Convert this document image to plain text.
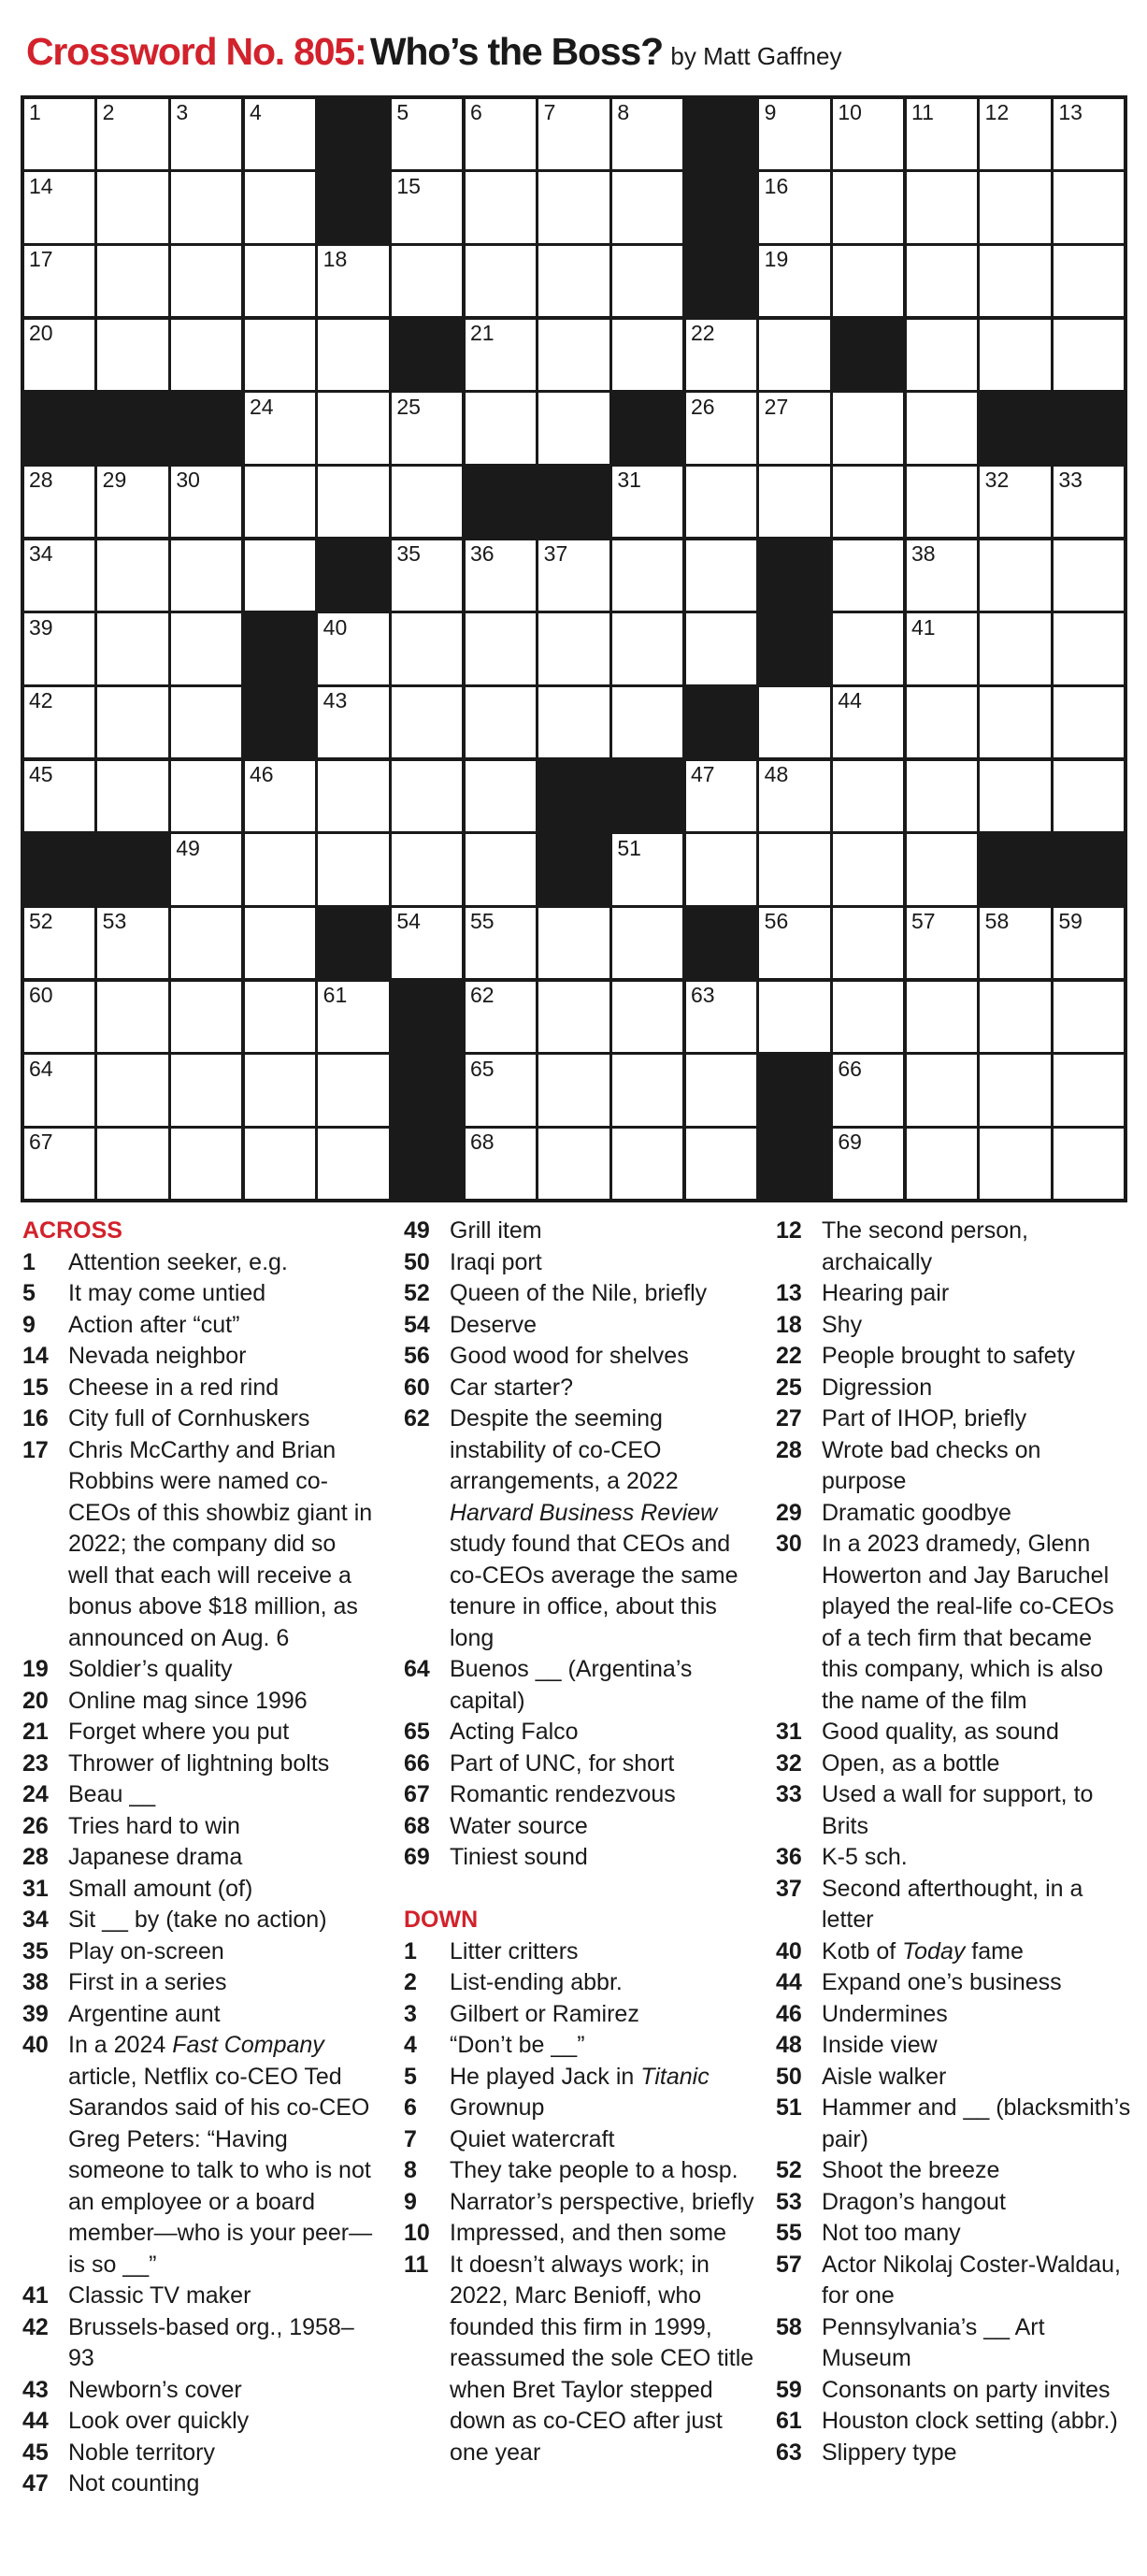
Crossword No. 805: Who’s the Boss? by Matt Gaffney
1	2	3	4	5	6	7	8	9	10 11 12 13
14	15	16
17	18	19
20	21	22	23
24	25	26 27
28 29 30	31	32 33
34	35 36 37	38
39	40	41
42	43	44
45	46	47 48
49	50 51
52 53	54 55	56	57 58 59
60	61	62	63
64	65	66
67	68	69
ACROSS
1 Attention seeker, e.g.
5 It may come untied
9 Action after “cut”
14 Nevada neighbor
15 Cheese in a red rind
16 City full of Cornhuskers
17 Chris McCarthy and Brian Robbins were named co-CEOs of this showbiz giant in 2022; the company did so well that each will receive a bonus above $18 million, as announced on Aug. 6
19 Soldier’s quality
20 Online mag since 1996
21 Forget where you put
23 Thrower of lightning bolts
24 Beau __
26 Tries hard to win
28 Japanese drama
31 Small amount (of)
34 Sit __ by (take no action)
35 Play on-screen
38 First in a series
39 Argentine aunt
40 In a 2024 Fast Company article, Netflix co-CEO Ted Sarandos said of his co-CEO Greg Peters: “Having someone to talk to who is not an employee or a board member—who is your peer—is so __”
41 Classic TV maker
42 Brussels-based org., 1958–93
43 Newborn’s cover
44 Look over quickly
45 Noble territory
47 Not counting
49 Grill item
50 Iraqi port
52 Queen of the Nile, briefly
54 Deserve
56 Good wood for shelves
60 Car starter?
62 Despite the seeming instability of co-CEO arrangements, a 2022 Harvard Business Review study found that CEOs and co-CEOs average the same tenure in office, about this long
64 Buenos __ (Argentina’s capital)
65 Acting Falco
66 Part of UNC, for short
67 Romantic rendezvous
68 Water source
69 Tiniest sound
DOWN
1 Litter critters
2 List-ending abbr.
3 Gilbert or Ramirez
4 “Don’t be __”
5 He played Jack in Titanic
6 Grownup
7 Quiet watercraft
8 They take people to a hosp.
9 Narrator’s perspective, briefly
10 Impressed, and then some
11 It doesn’t always work; in 2022, Marc Benioff, who founded this firm in 1999, reassumed the sole CEO title when Bret Taylor stepped down as co-CEO after just one year
12 The second person, archaically
13 Hearing pair
18 Shy
22 People brought to safety
25 Digression
27 Part of IHOP, briefly
28 Wrote bad checks on purpose
29 Dramatic goodbye
30 In a 2023 dramedy, Glenn Howerton and Jay Baruchel played the real-life co-CEOs of a tech firm that became this company, which is also the name of the film
31 Good quality, as sound
32 Open, as a bottle
33 Used a wall for support, to Brits
36 K-5 sch.
37 Second afterthought, in a letter
40 Kotb of Today fame
44 Expand one’s business
46 Undermines
48 Inside view
50 Aisle walker
51 Hammer and __ (blacksmith’s pair)
52 Shoot the breeze
53 Dragon’s hangout
55 Not too many
57 Actor Nikolaj Coster-Waldau, for one
58 Pennsylvania’s __ Art Museum
59 Consonants on party invites
61 Houston clock setting (abbr.)
63 Slippery type
